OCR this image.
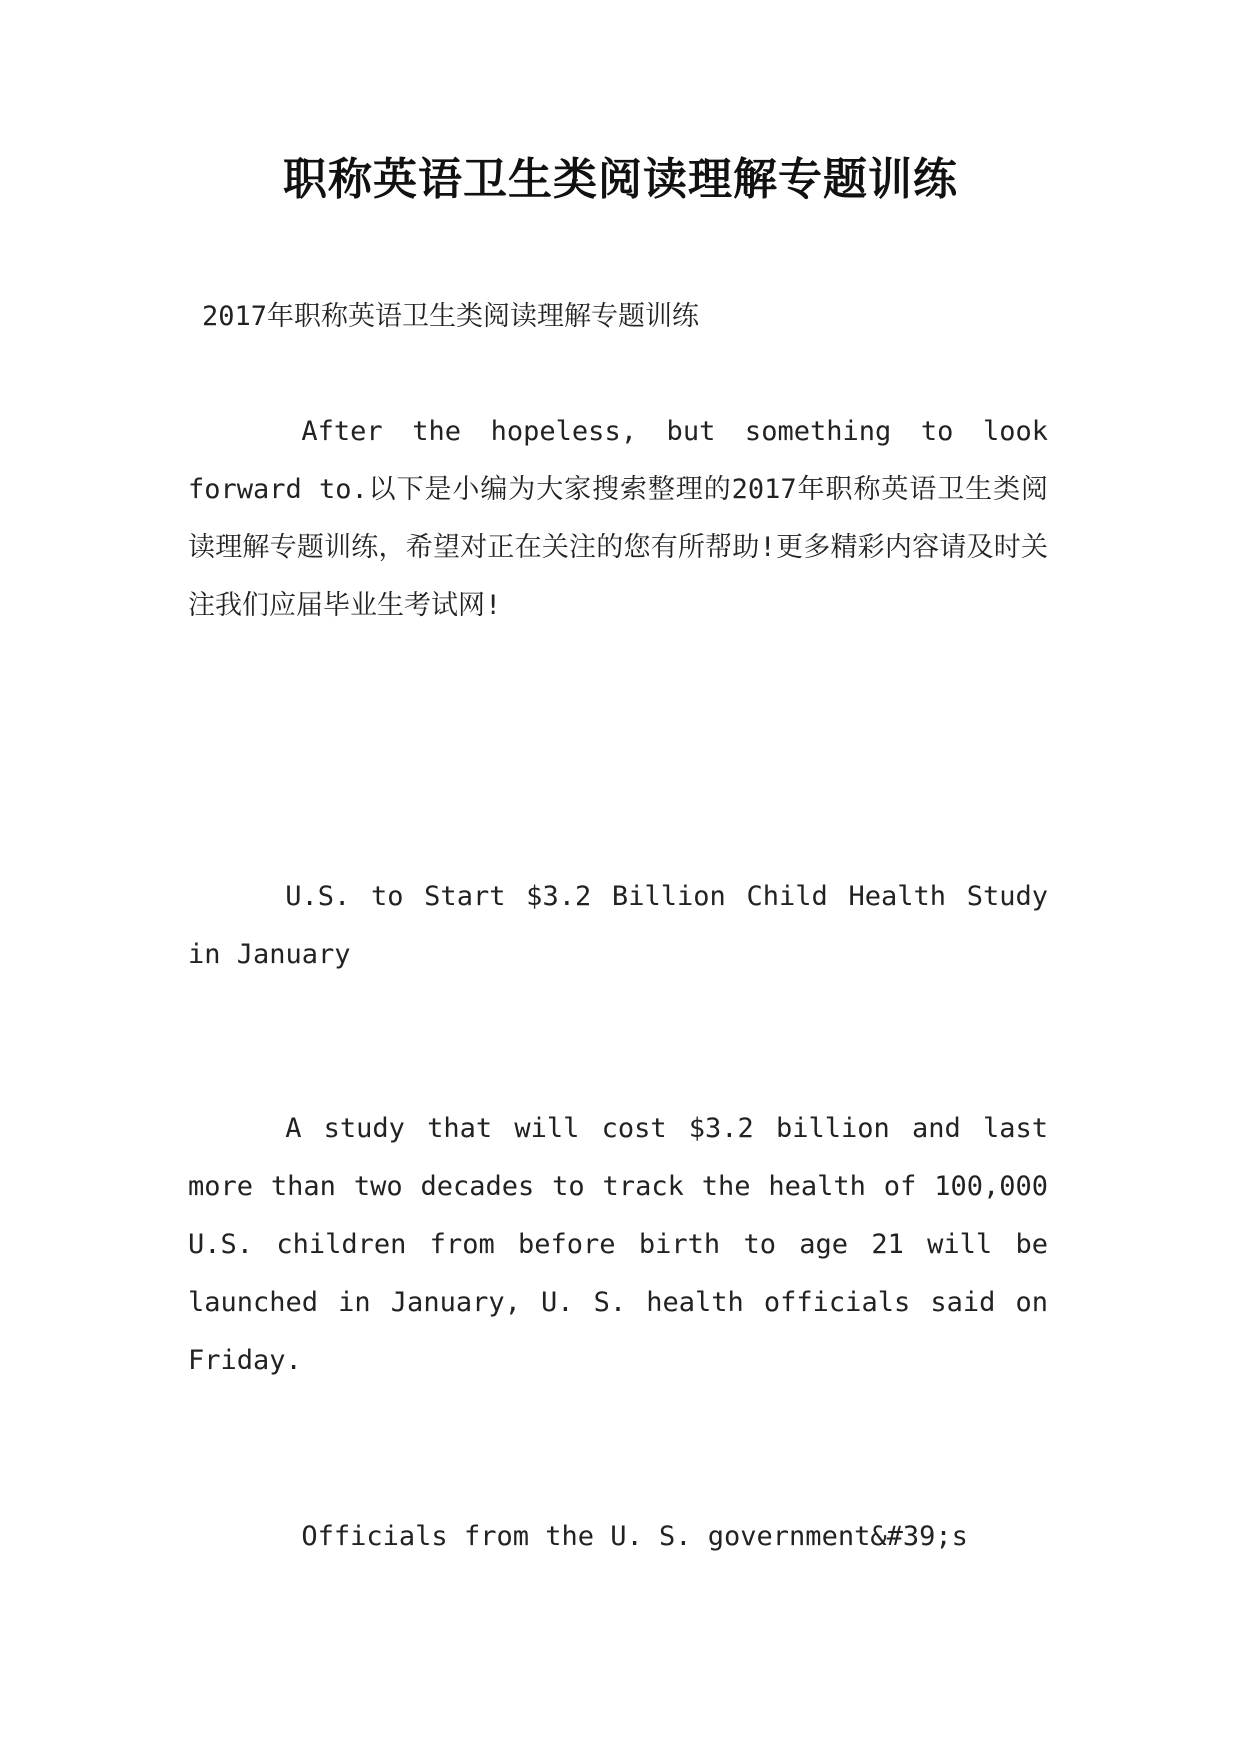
职称英语卫生类阅读理解专题训练
2017年职称英语卫生类阅读理解专题训练
After the hopeless, but something to look forward to.以下是小编为大家搜索整理的2017年职称英语卫生类阅读理解专题训练，希望对正在关注的您有所帮助!更多精彩内容请及时关注我们应届毕业生考试网!
U.S. to Start $3.2 Billion Child Health Study in January
A study that will cost $3.2 billion and last more than two decades to track the health of 100,000 U.S. children from before birth to age 21 will be launched in January, U. S. health officials said on Friday.
Officials from the U. S. government&#39;s
